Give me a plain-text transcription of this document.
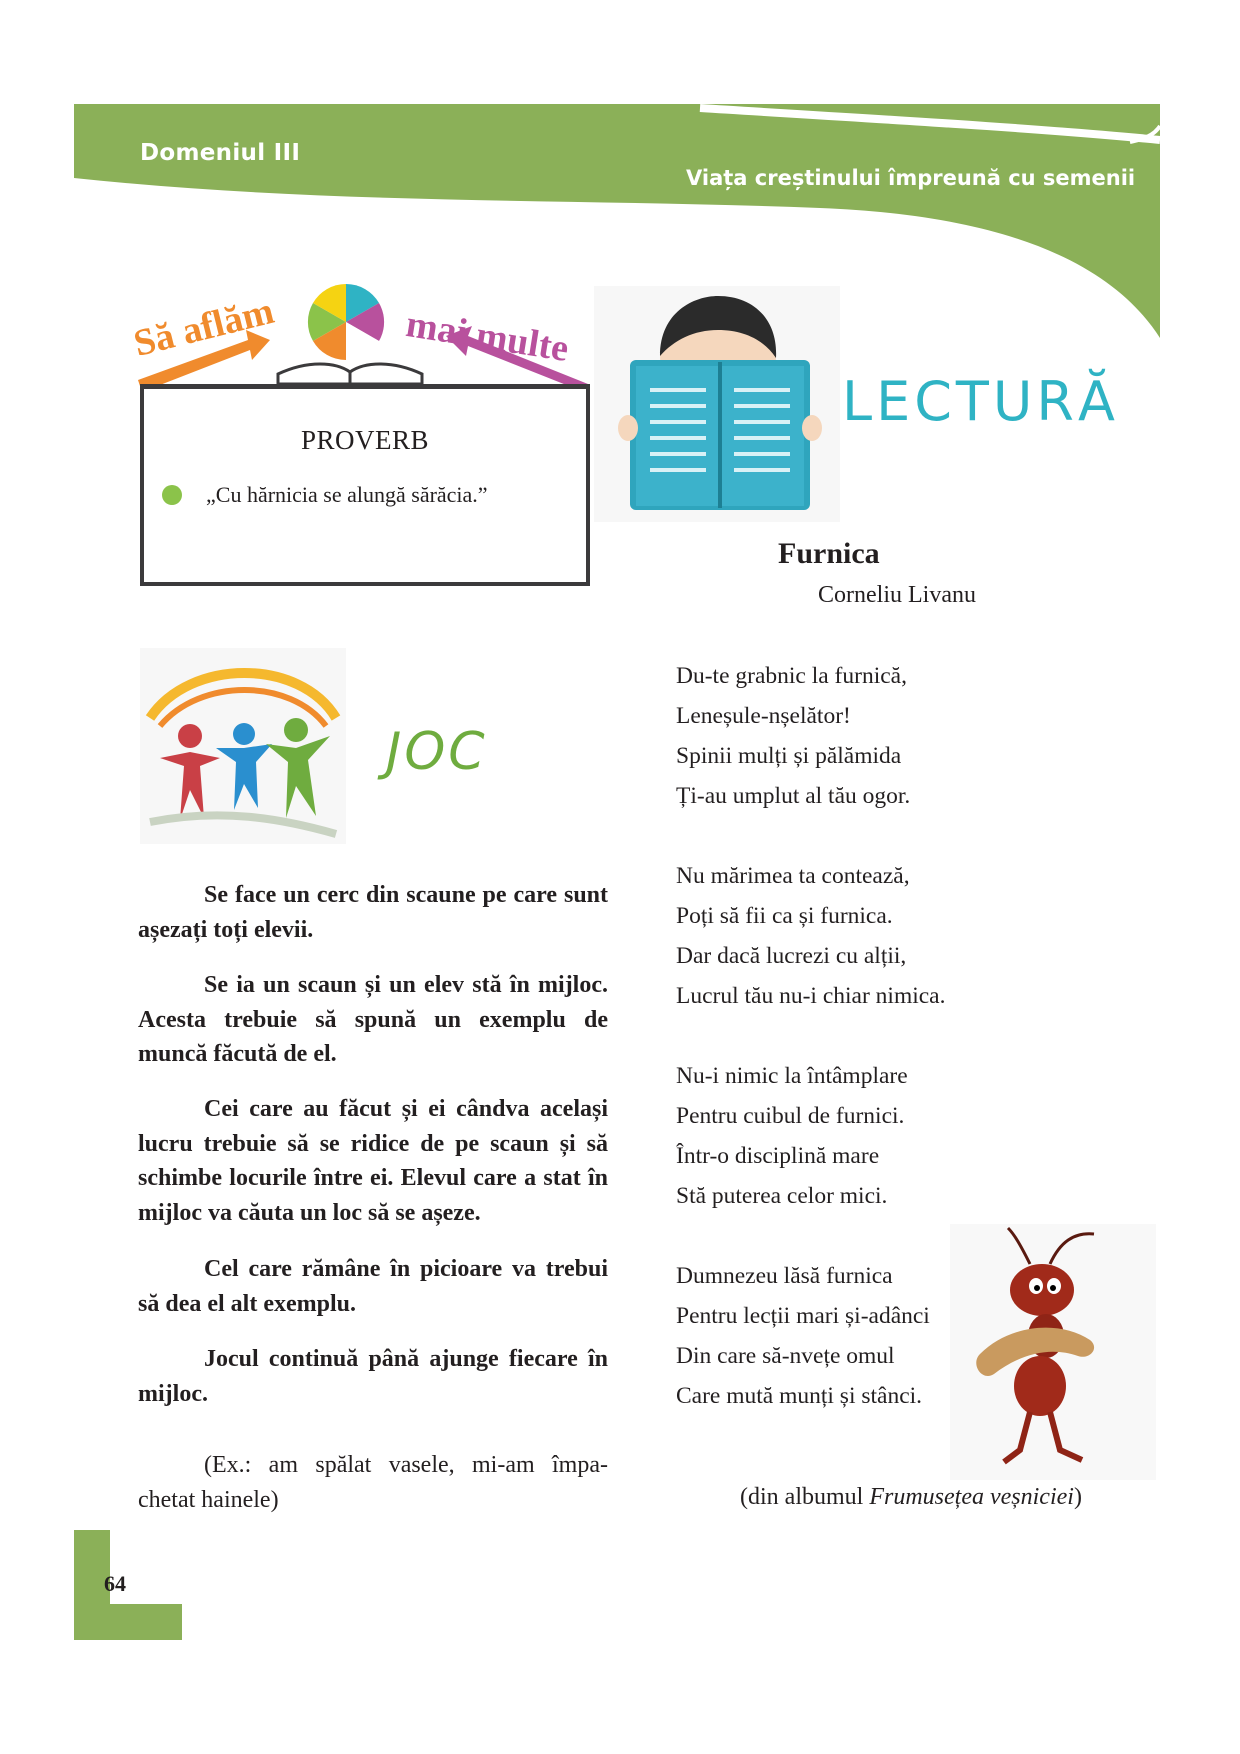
Domeniul III
Viața creștinului împreună cu semenii
Să aflăm	mai multe
PROVERB
„Cu hărnicia se alungă sărăcia.”
LECTURĂ
Furnica
Corneliu Livanu
Du-te grabnic la furnică,
Leneșule-nșelător!
Spinii mulți și pălămida
Ți-au umplut al tău ogor.
Nu mărimea ta contează,
Poți să fii ca și furnica.
Dar dacă lucrezi cu alții,
Lucrul tău nu-i chiar nimica.
Nu-i nimic la întâmplare
Pentru cuibul de furnici.
Într-o disciplină mare
Stă puterea celor mici.
Dumnezeu lăsă furnica
Pentru lecții mari și-adânci
Din care să-nvețe omul
Care mută munți și stânci.
(din albumul Frumusețea veșniciei)
JOC
Se face un cerc din scaune pe care sunt așezați toți elevii.
Se ia un scaun și un elev stă în mijloc. Acesta trebuie să spună un exemplu de muncă făcută de el.
Cei care au făcut și ei cândva același lucru trebuie să se ridice de pe scaun și să schimbe locurile între ei. Elevul care a stat în mijloc va căuta un loc să se așeze.
Cel care rămâne în picioare va trebui să dea el alt exemplu.
Jocul continuă până ajunge fiecare în mijloc.
(Ex.: am spălat vasele, mi-am împa-chetat hainele)
64
